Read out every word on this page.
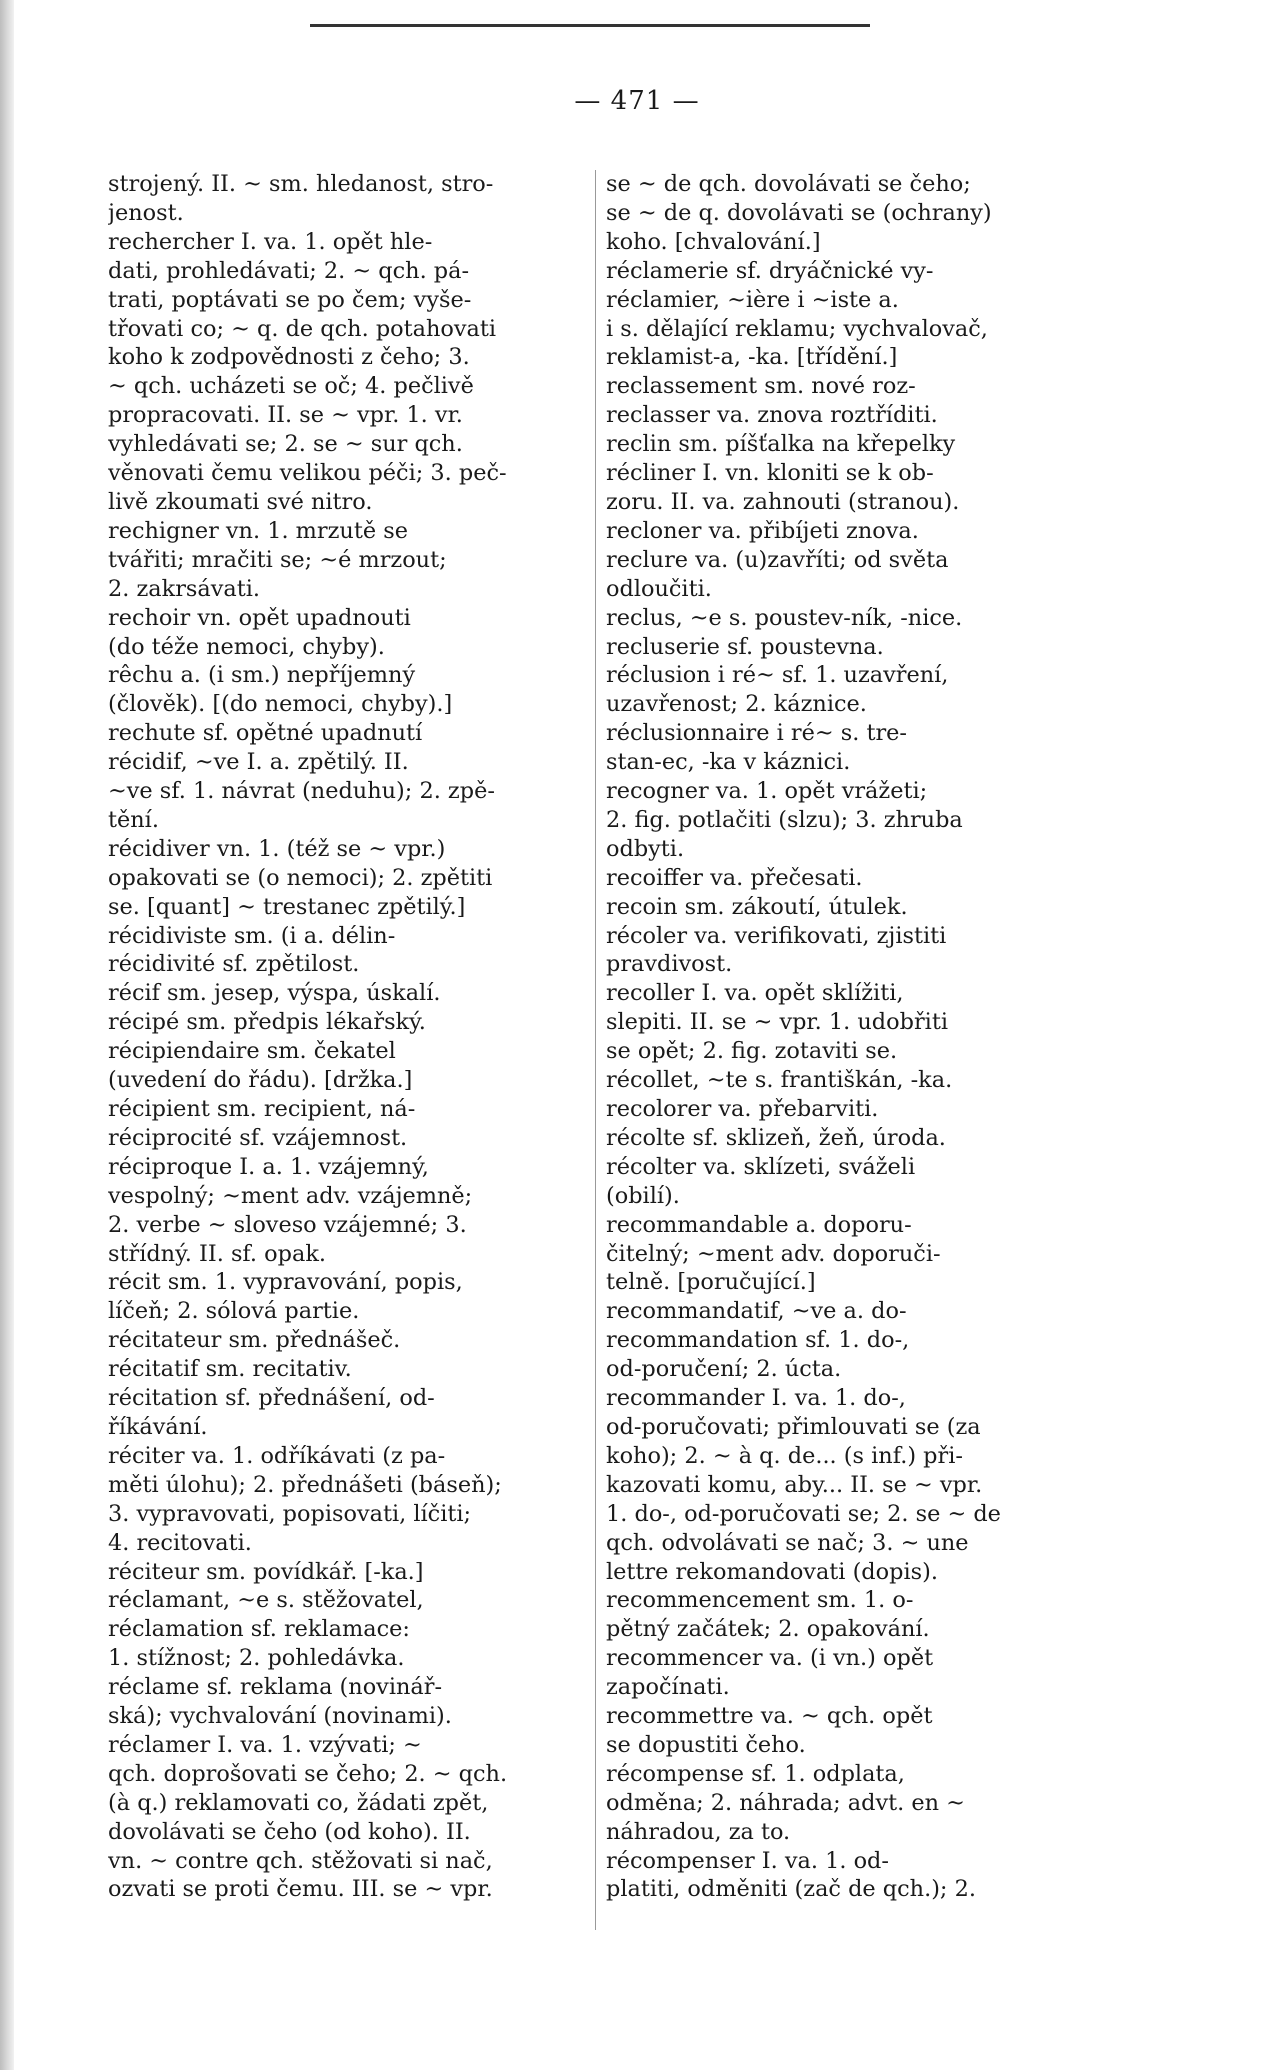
— 471 —
strojený. II. ~ sm. hledanost, stro-
jenost.
rechercher I. va. 1. opět hle-
dati, prohledávati; 2. ~ qch. pá-
trati, poptávati se po čem; vyše-
třovati co; ~ q. de qch. potahovati
koho k zodpovědnosti z čeho; 3.
~ qch. ucházeti se oč; 4. pečlivě
propracovati. II. se ~ vpr. 1. vr.
vyhledávati se; 2. se ~ sur qch.
věnovati čemu velikou péči; 3. peč-
livě zkoumati své nitro.
rechigner vn. 1. mrzutě se
tvářiti; mračiti se; ~é mrzout;
2. zakrsávati.
rechoir vn. opět upadnouti
(do téže nemoci, chyby).
rêchu a. (i sm.) nepříjemný
(člověk). [(do nemoci, chyby).]
rechute sf. opětné upadnutí
récidif, ~ve I. a. zpětilý. II.
~ve sf. 1. návrat (neduhu); 2. zpě-
tění.
récidiver vn. 1. (též se ~ vpr.)
opakovati se (o nemoci); 2. zpětiti
se. [quant] ~ trestanec zpětilý.]
récidiviste sm. (i a. délin-
récidivité sf. zpětilost.
récif sm. jesep, výspa, úskalí.
récipé sm. předpis lékařský.
récipiendaire sm. čekatel
(uvedení do řádu). [držka.]
récipient sm. recipient, ná-
réciprocité sf. vzájemnost.
réciproque I. a. 1. vzájemný,
vespolný; ~ment adv. vzájemně;
2. verbe ~ sloveso vzájemné; 3.
střídný. II. sf. opak.
récit sm. 1. vypravování, popis,
líčeň; 2. sólová partie.
récitateur sm. přednášeč.
récitatif sm. recitativ.
récitation sf. přednášení, od-
říkávání.
réciter va. 1. odříkávati (z pa-
měti úlohu); 2. přednášeti (báseň);
3. vypravovati, popisovati, líčiti;
4. recitovati.
réciteur sm. povídkář. [-ka.]
réclamant, ~e s. stěžovatel,
réclamation sf. reklamace:
1. stížnost; 2. pohledávka.
réclame sf. reklama (novinář-
ská); vychvalování (novinami).
réclamer I. va. 1. vzývati; ~
qch. doprošovati se čeho; 2. ~ qch.
(à q.) reklamovati co, žádati zpět,
dovolávati se čeho (od koho). II.
vn. ~ contre qch. stěžovati si nač,
ozvati se proti čemu. III. se ~ vpr.
se ~ de qch. dovolávati se čeho;
se ~ de q. dovolávati se (ochrany)
koho. [chvalování.]
réclamerie sf. dryáčnické vy-
réclamier, ~ière i ~iste a.
i s. dělající reklamu; vychvalovač,
reklamist-a, -ka. [třídění.]
reclassement sm. nové roz-
reclasser va. znova roztříditi.
reclin sm. píšťalka na křepelky
récliner I. vn. kloniti se k ob-
zoru. II. va. zahnouti (stranou).
recloner va. přibíjeti znova.
reclure va. (u)zavříti; od světa
odloučiti.
reclus, ~e s. poustev-ník, -nice.
recluserie sf. poustevna.
réclusion i ré~ sf. 1. uzavření,
uzavřenost; 2. káznice.
réclusionnaire i ré~ s. tre-
stan-ec, -ka v káznici.
recogner va. 1. opět vrážeti;
2. fig. potlačiti (slzu); 3. zhruba
odbyti.
recoiffer va. přečesati.
recoin sm. zákoutí, útulek.
récoler va. verifikovati, zjistiti
pravdivost.
recoller I. va. opět sklížiti,
slepiti. II. se ~ vpr. 1. udobřiti
se opět; 2. fig. zotaviti se.
récollet, ~te s. františkán, -ka.
recolorer va. přebarviti.
récolte sf. sklizeň, žeň, úroda.
récolter va. sklízeti, sváželi
(obilí).
recommandable a. doporu-
čitelný; ~ment adv. doporuči-
telně. [poručující.]
recommandatif, ~ve a. do-
recommandation sf. 1. do-,
od-poručení; 2. úcta.
recommander I. va. 1. do-,
od-poručovati; přimlouvati se (za
koho); 2. ~ à q. de... (s inf.) při-
kazovati komu, aby... II. se ~ vpr.
1. do-, od-poručovati se; 2. se ~ de
qch. odvolávati se nač; 3. ~ une
lettre rekomandovati (dopis).
recommencement sm. 1. o-
pětný začátek; 2. opakování.
recommencer va. (i vn.) opět
započínati.
recommettre va. ~ qch. opět
se dopustiti čeho.
récompense sf. 1. odplata,
odměna; 2. náhrada; advt. en ~
náhradou, za to.
récompenser I. va. 1. od-
platiti, odměniti (zač de qch.); 2.
